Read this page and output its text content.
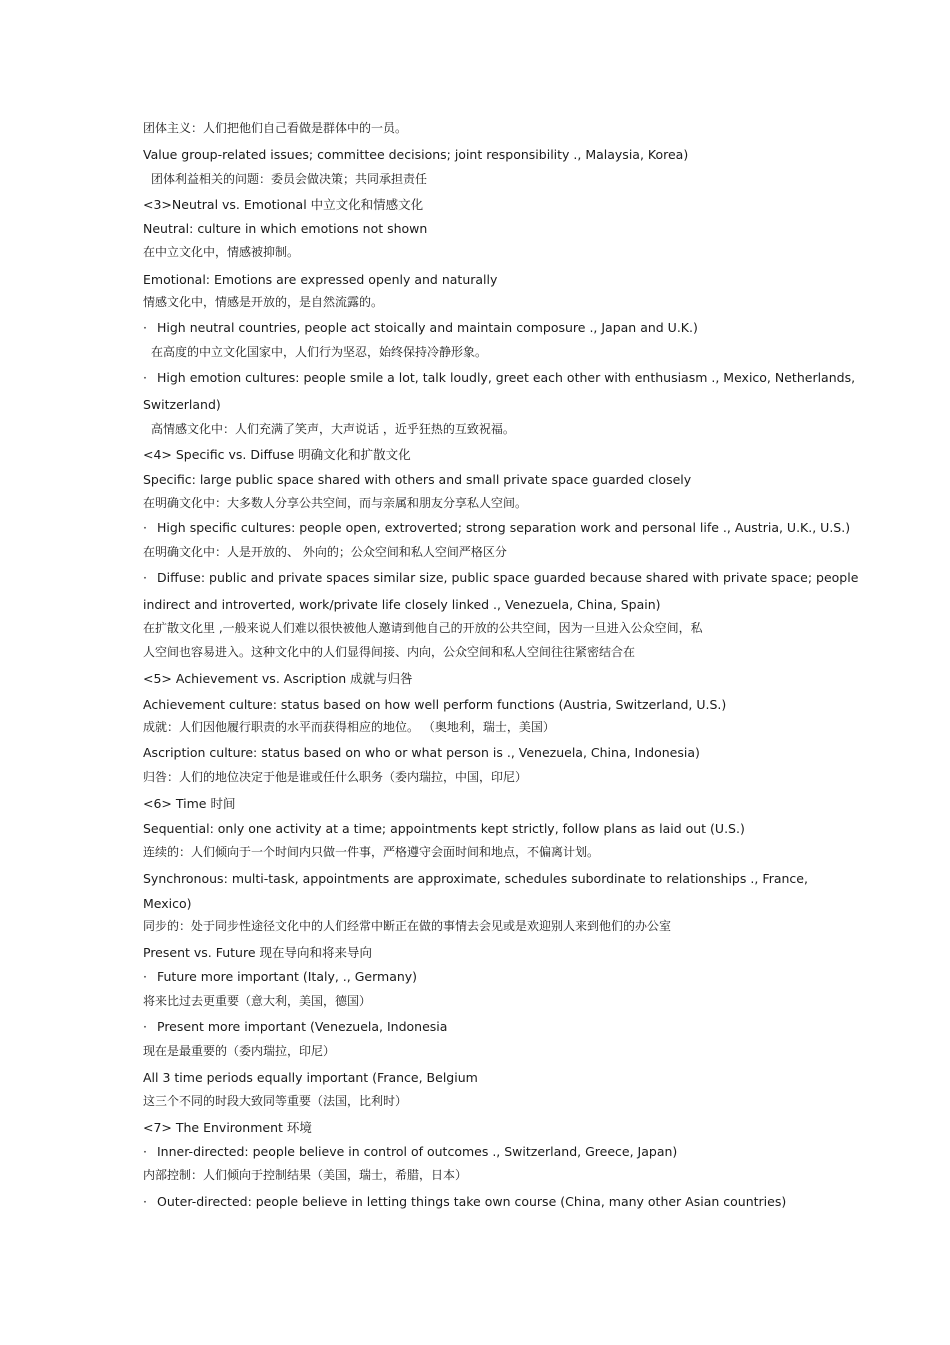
团体主义：人们把他们自己看做是群体中的一员。
Value group-related issues; committee decisions; joint responsibility ., Malaysia, Korea)
团体利益相关的问题：委员会做决策；共同承担责任
<3>Neutral vs. Emotional 中立文化和情感文化
Neutral: culture in which emotions not shown
在中立文化中，情感被抑制。
Emotional: Emotions are expressed openly and naturally
情感文化中，情感是开放的，是自然流露的。
· High neutral countries, people act stoically and maintain composure ., Japan and U.K.)
在高度的中立文化国家中，人们行为坚忍，始终保持冷静形象。
· High emotion cultures: people smile a lot, talk loudly, greet each other with enthusiasm ., Mexico, Netherlands,
Switzerland)
高情感文化中：人们充满了笑声，大声说话 ，近乎狂热的互致祝福。
<4> Specific vs. Diffuse 明确文化和扩散文化
Specific: large public space shared with others and small private space guarded closely
在明确文化中：大多数人分享公共空间，而与亲属和朋友分享私人空间。
· High specific cultures: people open, extroverted; strong separation work and personal life ., Austria, U.K., U.S.)
在明确文化中：人是开放的、 外向的；公众空间和私人空间严格区分
· Diffuse: public and private spaces similar size, public space guarded because shared with private space; people
indirect and introverted, work/private life closely linked ., Venezuela, China, Spain)
在扩散文化里 ,一般来说人们难以很快被他人邀请到他自己的开放的公共空间，因为一旦进入公众空间，私
人空间也容易进入。这种文化中的人们显得间接、内向，公众空间和私人空间往往紧密结合在
<5> Achievement vs. Ascription 成就与归咎
Achievement culture: status based on how well perform functions (Austria, Switzerland, U.S.)
成就：人们因他履行职责的水平而获得相应的地位。 （奥地利，瑞士，美国）
Ascription culture: status based on who or what person is ., Venezuela, China, Indonesia)
归咎：人们的地位决定于他是谁或任什么职务（委内瑞拉，中国，印尼）
<6> Time 时间
Sequential: only one activity at a time; appointments kept strictly, follow plans as laid out (U.S.)
连续的：人们倾向于一个时间内只做一件事，严格遵守会面时间和地点，不偏离计划。
Synchronous: multi-task, appointments are approximate, schedules subordinate to relationships ., France,
Mexico)
同步的：处于同步性途径文化中的人们经常中断正在做的事情去会见或是欢迎别人来到他们的办公室
Present vs. Future 现在导向和将来导向
· Future more important (Italy, ., Germany)
将来比过去更重要（意大利，美国，德国）
· Present more important (Venezuela, Indonesia
现在是最重要的（委内瑞拉，印尼）
All 3 time periods equally important (France, Belgium
这三个不同的时段大致同等重要（法国，比利时）
<7> The Environment 环境
· Inner-directed: people believe in control of outcomes ., Switzerland, Greece, Japan)
内部控制：人们倾向于控制结果（美国，瑞士，希腊，日本）
· Outer-directed: people believe in letting things take own course (China, many other Asian countries)
